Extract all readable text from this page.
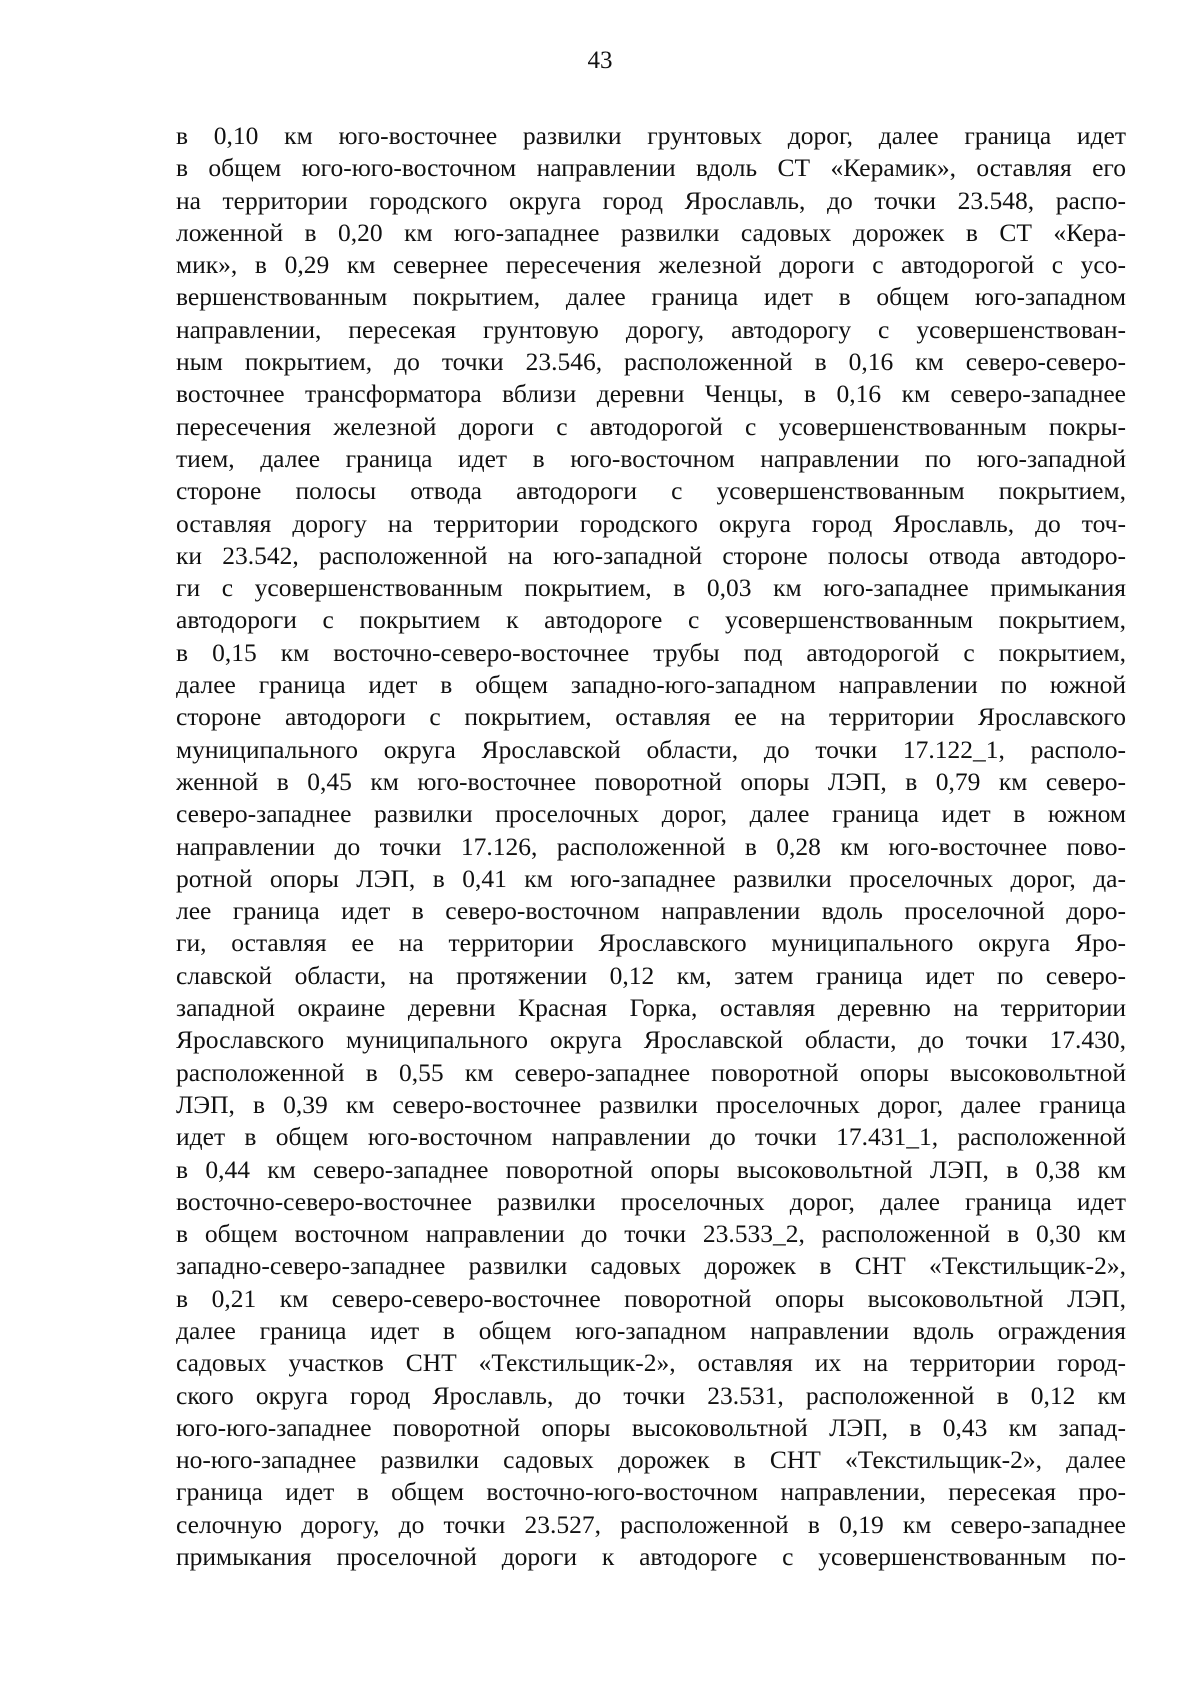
43
в 0,10 км юго-восточнее развилки грунтовых дорог, далее граница идет
в общем юго-юго-восточном направлении вдоль СТ «Керамик», оставляя его
на территории городского округа город Ярославль, до точки 23.548, распо-
ложенной в 0,20 км юго-западнее развилки садовых дорожек в СТ «Кера-
мик», в 0,29 км севернее пересечения железной дороги с автодорогой с усо-
вершенствованным покрытием, далее граница идет в общем юго-западном
направлении, пересекая грунтовую дорогу, автодорогу с усовершенствован-
ным покрытием, до точки 23.546, расположенной в 0,16 км северо-северо-
восточнее трансформатора вблизи деревни Ченцы, в 0,16 км северо-западнее
пересечения железной дороги с автодорогой с усовершенствованным покры-
тием, далее граница идет в юго-восточном направлении по юго-западной
стороне полосы отвода автодороги с усовершенствованным покрытием,
оставляя дорогу на территории городского округа город Ярославль, до точ-
ки 23.542, расположенной на юго-западной стороне полосы отвода автодоро-
ги с усовершенствованным покрытием, в 0,03 км юго-западнее примыкания
автодороги с покрытием к автодороге с усовершенствованным покрытием,
в 0,15 км восточно-северо-восточнее трубы под автодорогой с покрытием,
далее граница идет в общем западно-юго-западном направлении по южной
стороне автодороги с покрытием, оставляя ее на территории Ярославского
муниципального округа Ярославской области, до точки 17.122_1, располо-
женной в 0,45 км юго-восточнее поворотной опоры ЛЭП, в 0,79 км северо-
северо-западнее развилки проселочных дорог, далее граница идет в южном
направлении до точки 17.126, расположенной в 0,28 км юго-восточнее пово-
ротной опоры ЛЭП, в 0,41 км юго-западнее развилки проселочных дорог, да-
лее граница идет в северо-восточном направлении вдоль проселочной доро-
ги, оставляя ее на территории Ярославского муниципального округа Яро-
славской области, на протяжении 0,12 км, затем граница идет по северо-
западной окраине деревни Красная Горка, оставляя деревню на территории
Ярославского муниципального округа Ярославской области, до точки 17.430,
расположенной в 0,55 км северо-западнее поворотной опоры высоковольтной
ЛЭП, в 0,39 км северо-восточнее развилки проселочных дорог, далее граница
идет в общем юго-восточном направлении до точки 17.431_1, расположенной
в 0,44 км северо-западнее поворотной опоры высоковольтной ЛЭП, в 0,38 км
восточно-северо-восточнее развилки проселочных дорог, далее граница идет
в общем восточном направлении до точки 23.533_2, расположенной в 0,30 км
западно-северо-западнее развилки садовых дорожек в СНТ «Текстильщик-2»,
в 0,21 км северо-северо-восточнее поворотной опоры высоковольтной ЛЭП,
далее граница идет в общем юго-западном направлении вдоль ограждения
садовых участков СНТ «Текстильщик-2», оставляя их на территории город-
ского округа город Ярославль, до точки 23.531, расположенной в 0,12 км
юго-юго-западнее поворотной опоры высоковольтной ЛЭП, в 0,43 км запад-
но-юго-западнее развилки садовых дорожек в СНТ «Текстильщик-2», далее
граница идет в общем восточно-юго-восточном направлении, пересекая про-
селочную дорогу, до точки 23.527, расположенной в 0,19 км северо-западнее
примыкания проселочной дороги к автодороге с усовершенствованным по-
